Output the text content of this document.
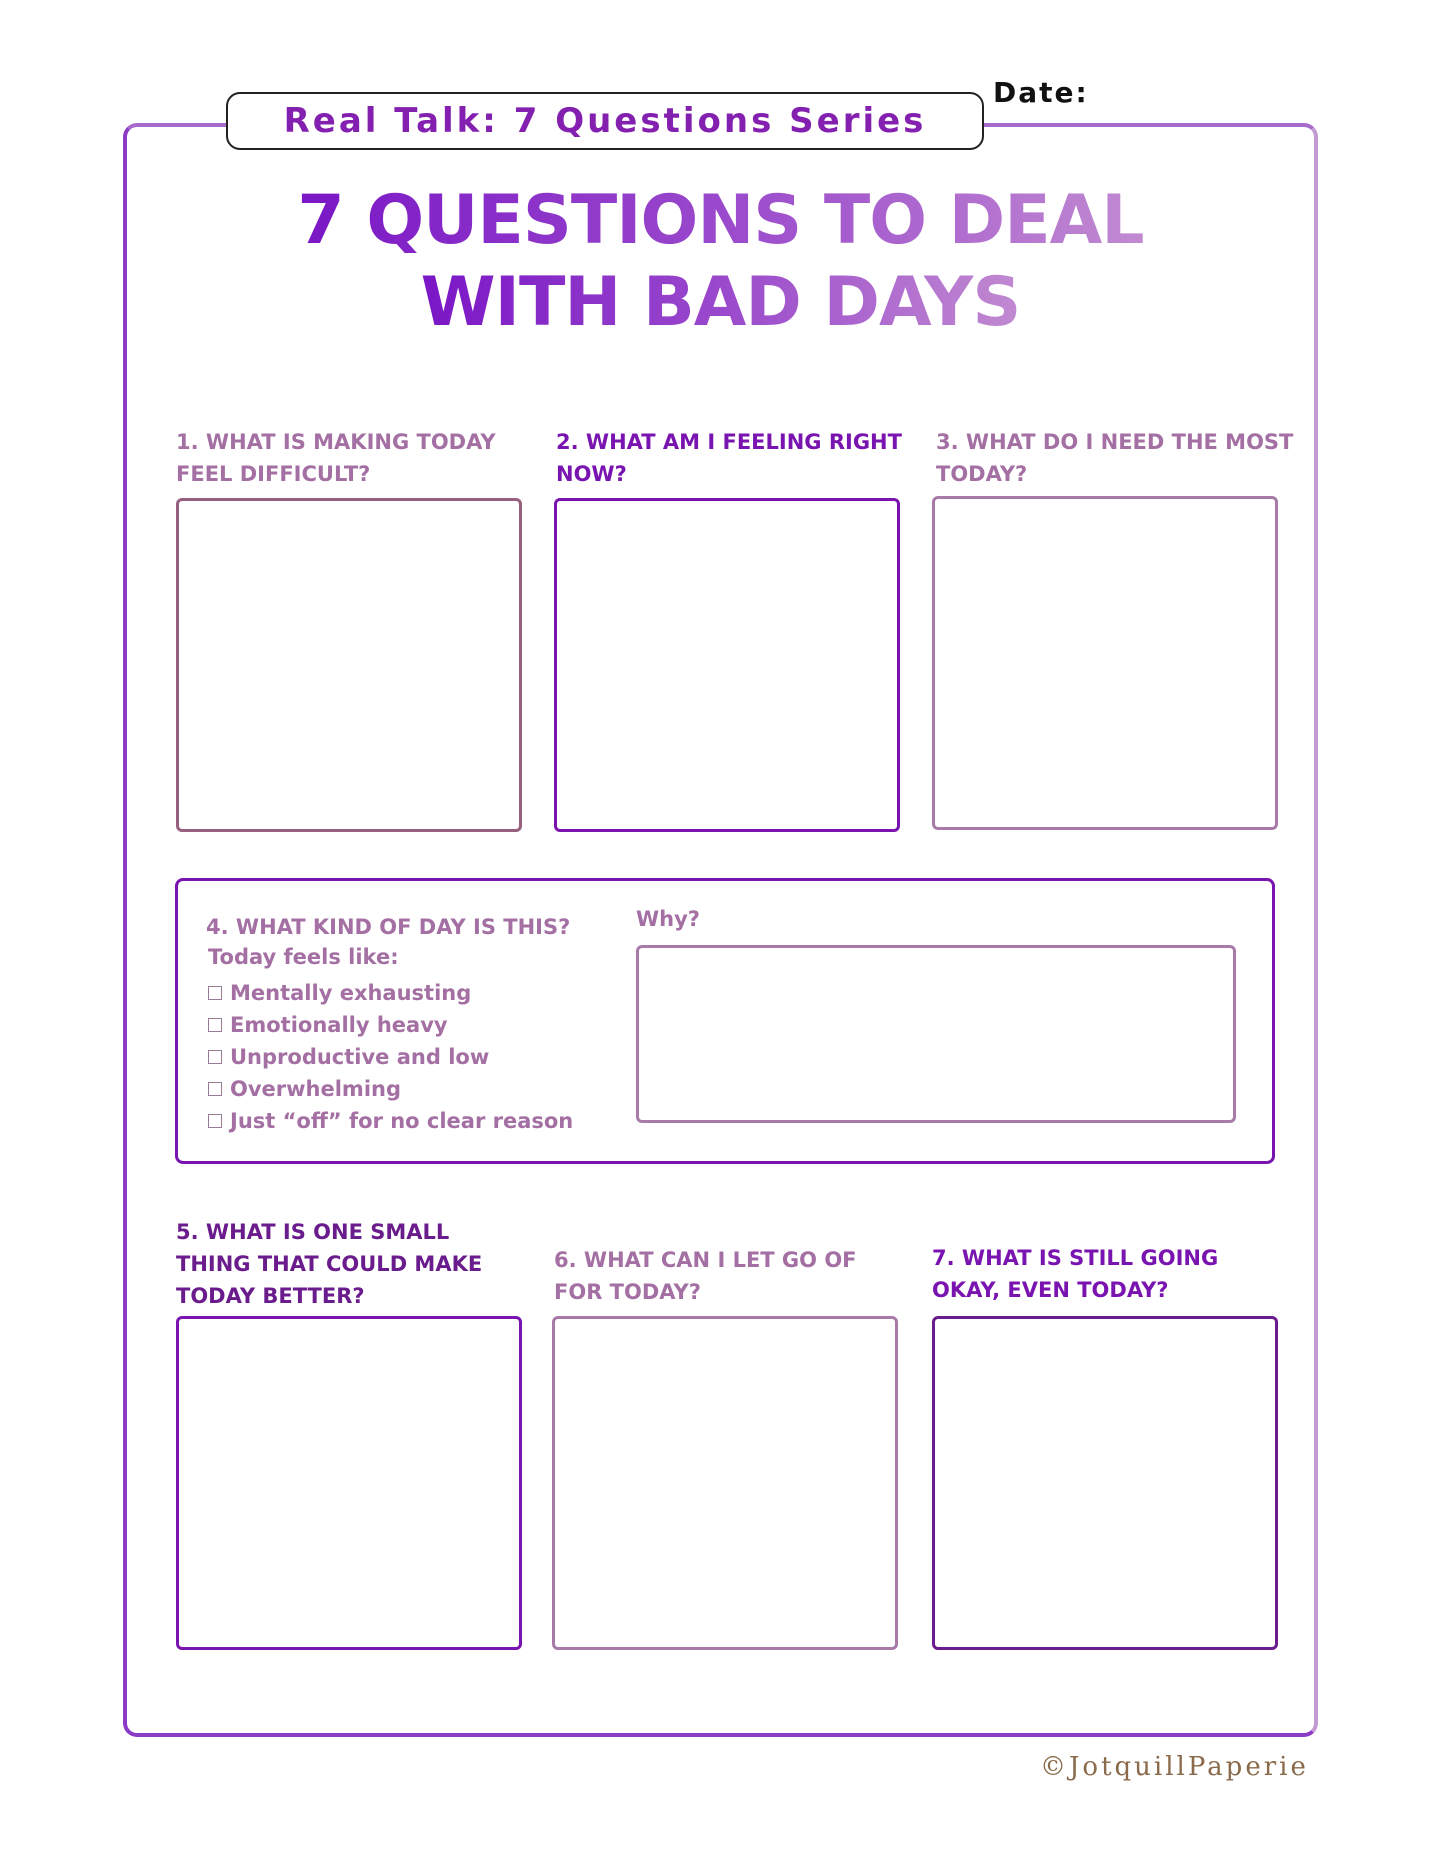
Real Talk: 7 Questions Series
Date:
7 QUESTIONS TO DEAL
WITH BAD DAYS
1. WHAT IS MAKING TODAY
FEEL DIFFICULT?
2. WHAT AM I FEELING RIGHT
NOW?
3. WHAT DO I NEED THE MOST
TODAY?
4. WHAT KIND OF DAY IS THIS?
Today feels like:
Mentally exhausting
Emotionally heavy
Unproductive and low
Overwhelming
Just “off” for no clear reason
Why?
5. WHAT IS ONE SMALL
THING THAT COULD MAKE
TODAY BETTER?
6. WHAT CAN I LET GO OF
FOR TODAY?
7. WHAT IS STILL GOING
OKAY, EVEN TODAY?
©JotquillPaperie
